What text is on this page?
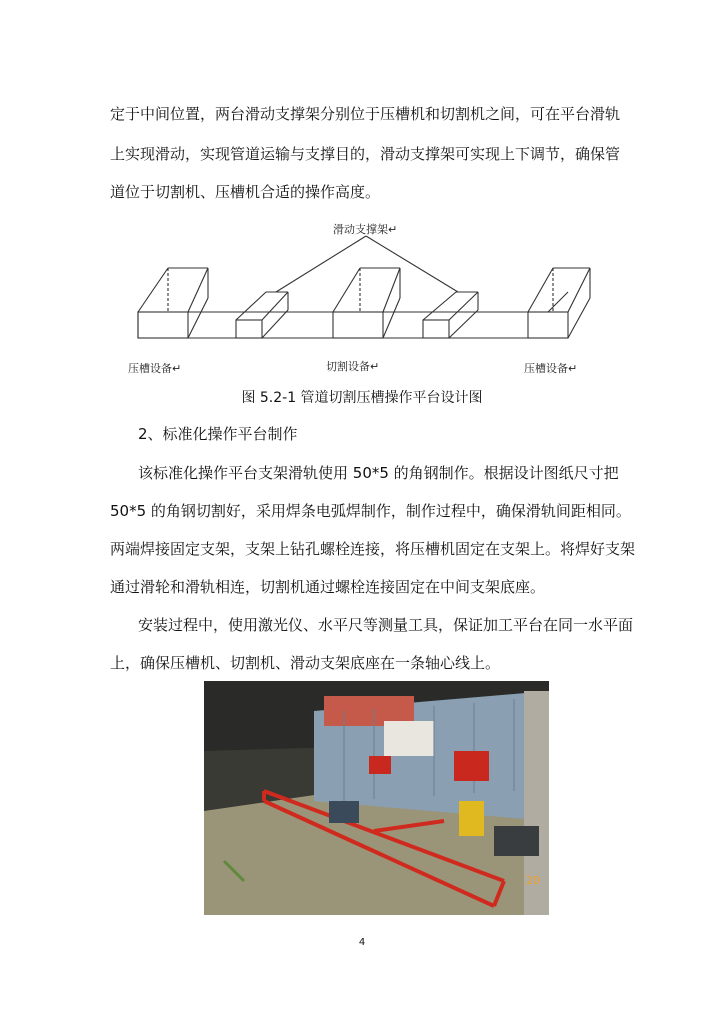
定于中间位置，两台滑动支撑架分别位于压槽机和切割机之间，可在平台滑轨
上实现滑动，实现管道运输与支撑目的，滑动支撑架可实现上下调节，确保管
道位于切割机、压槽机合适的操作高度。
滑动支撑架↵
压槽设备↵	切割设备↵	压槽设备↵
图 5.2-1 管道切割压槽操作平台设计图
2、标准化操作平台制作
该标准化操作平台支架滑轨使用 50*5 的角钢制作。根据设计图纸尺寸把
50*5 的角钢切割好，采用焊条电弧焊制作，制作过程中，确保滑轨间距相同。
两端焊接固定支架，支架上钻孔螺栓连接，将压槽机固定在支架上。将焊好支架
通过滑轮和滑轨相连，切割机通过螺栓连接固定在中间支架底座。
安装过程中，使用激光仪、水平尺等测量工具，保证加工平台在同一水平面
上，确保压槽机、切割机、滑动支架底座在一条轴心线上。
20
4
